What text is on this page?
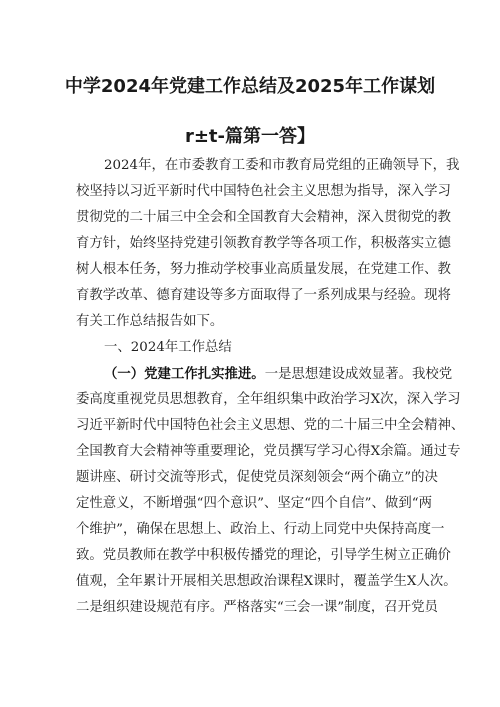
中学2024年党建工作总结及2025年工作谋划
r±t-篇第一答】
2024年，在市委教育工委和市教育局党组的正确领导下，我
校坚持以习近平新时代中国特色社会主义思想为指导，深入学习
贯彻党的二十届三中全会和全国教育大会精神，深入贯彻党的教
育方针，始终坚持党建引领教育教学等各项工作，积极落实立德
树人根本任务，努力推动学校事业高质量发展，在党建工作、教
育教学改革、德育建设等多方面取得了一系列成果与经验。现将
有关工作总结报告如下。
一、2024年工作总结
（一）党建工作扎实推进。一是思想建设成效显著。我校党
委高度重视党员思想教育，全年组织集中政治学习X次，深入学习
习近平新时代中国特色社会主义思想、党的二十届三中全会精神、
全国教育大会精神等重要理论，党员撰写学习心得X余篇。通过专
题讲座、研讨交流等形式，促使党员深刻领会“两个确立”的决
定性意义，不断增强“四个意识”、坚定“四个自信”、做到“两
个维护”，确保在思想上、政治上、行动上同党中央保持高度一
致。党员教师在教学中积极传播党的理论，引导学生树立正确价
值观，全年累计开展相关思想政治课程X课时，覆盖学生X人次。
二是组织建设规范有序。严格落实“三会一课”制度，召开党员
